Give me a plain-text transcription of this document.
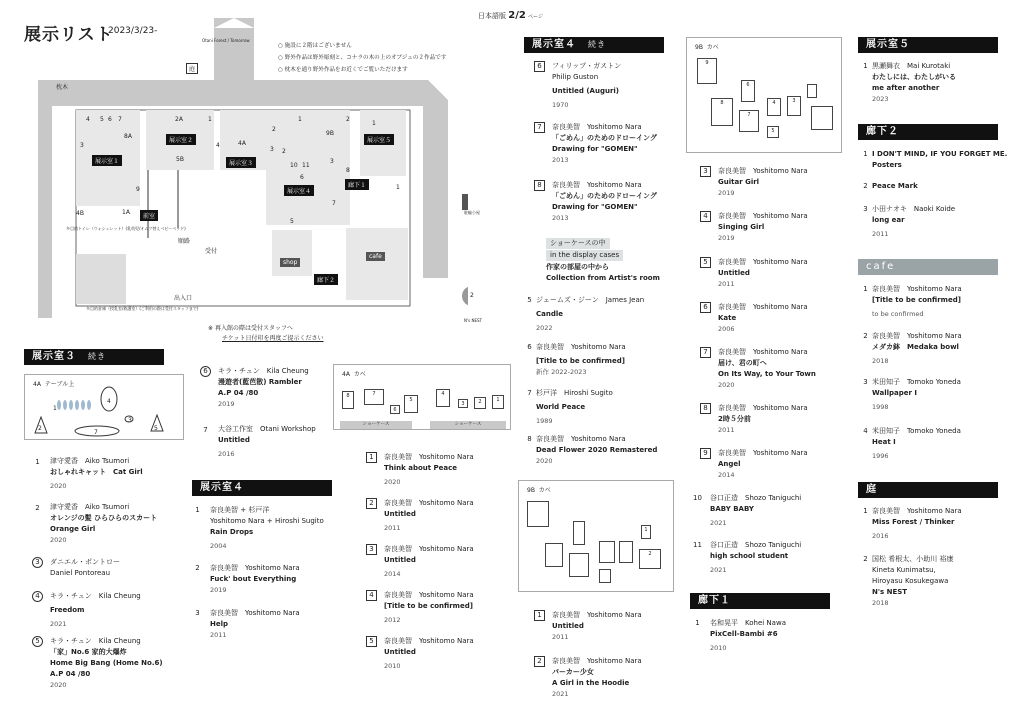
展示リスト
2023/3/23-
日本語版 2/2 ページ
○ 施設に２階はございません
○ 野外作品は野外彫刻と、コナラの木の上のオブジェの２作品です
○ 枕木を通り野外作品をお近くでご覧いただけます
Otani Forest / Tomorrow
庭
枕木
展示室１
展示室２
展示室３
展示室４
展示室５
廊下１
廊下２
前室
shop
cafe
順路
受付
出入口
多目的トイレ（ウォシュレット）(乳幼児/オムツ替えベビーベッド)
多目的倉庫（授乳室/救護室）(ご利用の際は受付スタッフまで)
駐輪小屋
N's NEST
※ 再入館の際は受付スタッフへ
チケット日付印を再度ご提示ください
4 5 6 7	2A	1
8A
3
5B
4A
9B
1	2
3
4
2
1
9
1A
4B
2
7
6
5
10 11
8
3
2
1
展示室３ 続き
4A テーブル上
2
3
4
5
7
1
1	津守愛香　Aiko Tsumori
おしゃれキャット　Cat Girl
2020
2	津守愛香　Aiko Tsumori
オレンジの髪 ひらひらのスカート
Orange Girl
2020
3	ダニエル・ポントロー
Daniel Pontoreau
4	キラ・チュン　Kila Cheung
Freedom
2021
5	キラ・チュン　Kila Cheung
「家」No.6 家的大爆炸
Home Big Bang (Home No.6)
A.P 04 /80
2020
6	キラ・チュン　Kila Cheung
漫遊者(藍芭散) Rambler
A.P 04 /80
2019
7	大谷工作室　Otani Workshop
Untitled
2016
展示室４
1	奈良美智 + 杉戸洋
Yoshitomo Nara + Hiroshi Sugito
Rain Drops
2004
2	奈良美智　Yoshitomo Nara
Fuck' bout Everything
2019
3	奈良美智　Yoshitomo Nara
Help
2011
4A カベ
8	7
6
5
4
3	2	1
ショーケース	ショーケース
1	奈良美智　Yoshitomo Nara
Think about Peace
2020
2	奈良美智　Yoshitomo Nara
Untitled
2011
3	奈良美智　Yoshitomo Nara
Untitled
2014
4	奈良美智　Yoshitomo Nara
[Title to be confirmed]
2012
5	奈良美智　Yoshitomo Nara
Untitled
2010
展示室４ 続き
6	フィリップ・ガストン
Philip Guston
Untitled (Auguri)
1970
7	奈良美智　Yoshitomo Nara
「ごめん」のためのドローイング
Drawing for "GOMEN"
2013
8	奈良美智　Yoshitomo Nara
「ごめん」のためのドローイング
Drawing for "GOMEN"
2013
ショーケースの中 in the display cases
作家の部屋の中から
Collection from Artist's room
5 ジェームズ・ジーン　James Jean
Candle
2022
6 奈良美智　Yoshitomo Nara
[Title to be confirmed]
新作 2022-2023
7 杉戸洋　Hiroshi Sugito
World Peace
1989
8 奈良美智　Yoshitomo Nara
Dead Flower 2020 Remastered
2020
9B カベ
1
2
1	奈良美智　Yoshitomo Nara
Untitled
2011
2	奈良美智　Yoshitomo Nara
パーカー少女
A Girl in the Hoodie
2021
9B カベ
9
6
8
7
4	3
5
3	奈良美智　Yoshitomo Nara
Guitar Girl
2019
4	奈良美智　Yoshitomo Nara
Singing Girl
2019
5	奈良美智　Yoshitomo Nara
Untitled
2011
6	奈良美智　Yoshitomo Nara
Kate
2006
7	奈良美智　Yoshitomo Nara
届け、君の町へ
On Its Way, to Your Town
2020
8	奈良美智　Yoshitomo Nara
2時５分前
2011
9	奈良美智　Yoshitomo Nara
Angel
2014
10 谷口正造　Shozo Taniguchi
BABY BABY
2021
11 谷口正造　Shozo Taniguchi
high school student
2021
廊下１
1	名和晃平　Kohei Nawa
PixCell-Bambi #6
2010
展示室５
1 黒瀬舞衣　Mai Kurotaki
わたしには、わたしがいる
me after another
2023
廊下２
1 I DON'T MIND, IF YOU FORGET ME.
Posters
2 Peace Mark
3 小田ナオキ　Naoki Koide
long ear
2011
cafe
1 奈良美智　Yoshitomo Nara
[Title to be confirmed]
to be confirmed
2 奈良美智　Yoshitomo Nara
メダカ鉢　Medaka bowl
2018
3 米田知子　Tomoko Yoneda
Wallpaper I
1998
4 米田知子　Tomoko Yoneda
Heat I
1996
庭
1 奈良美智　Yoshitomo Nara
Miss Forest / Thinker
2016
2 国松 希根太、小助川 裕康
Kineta Kunimatsu,
Hiroyasu Kosukegawa
N's NEST
2018
